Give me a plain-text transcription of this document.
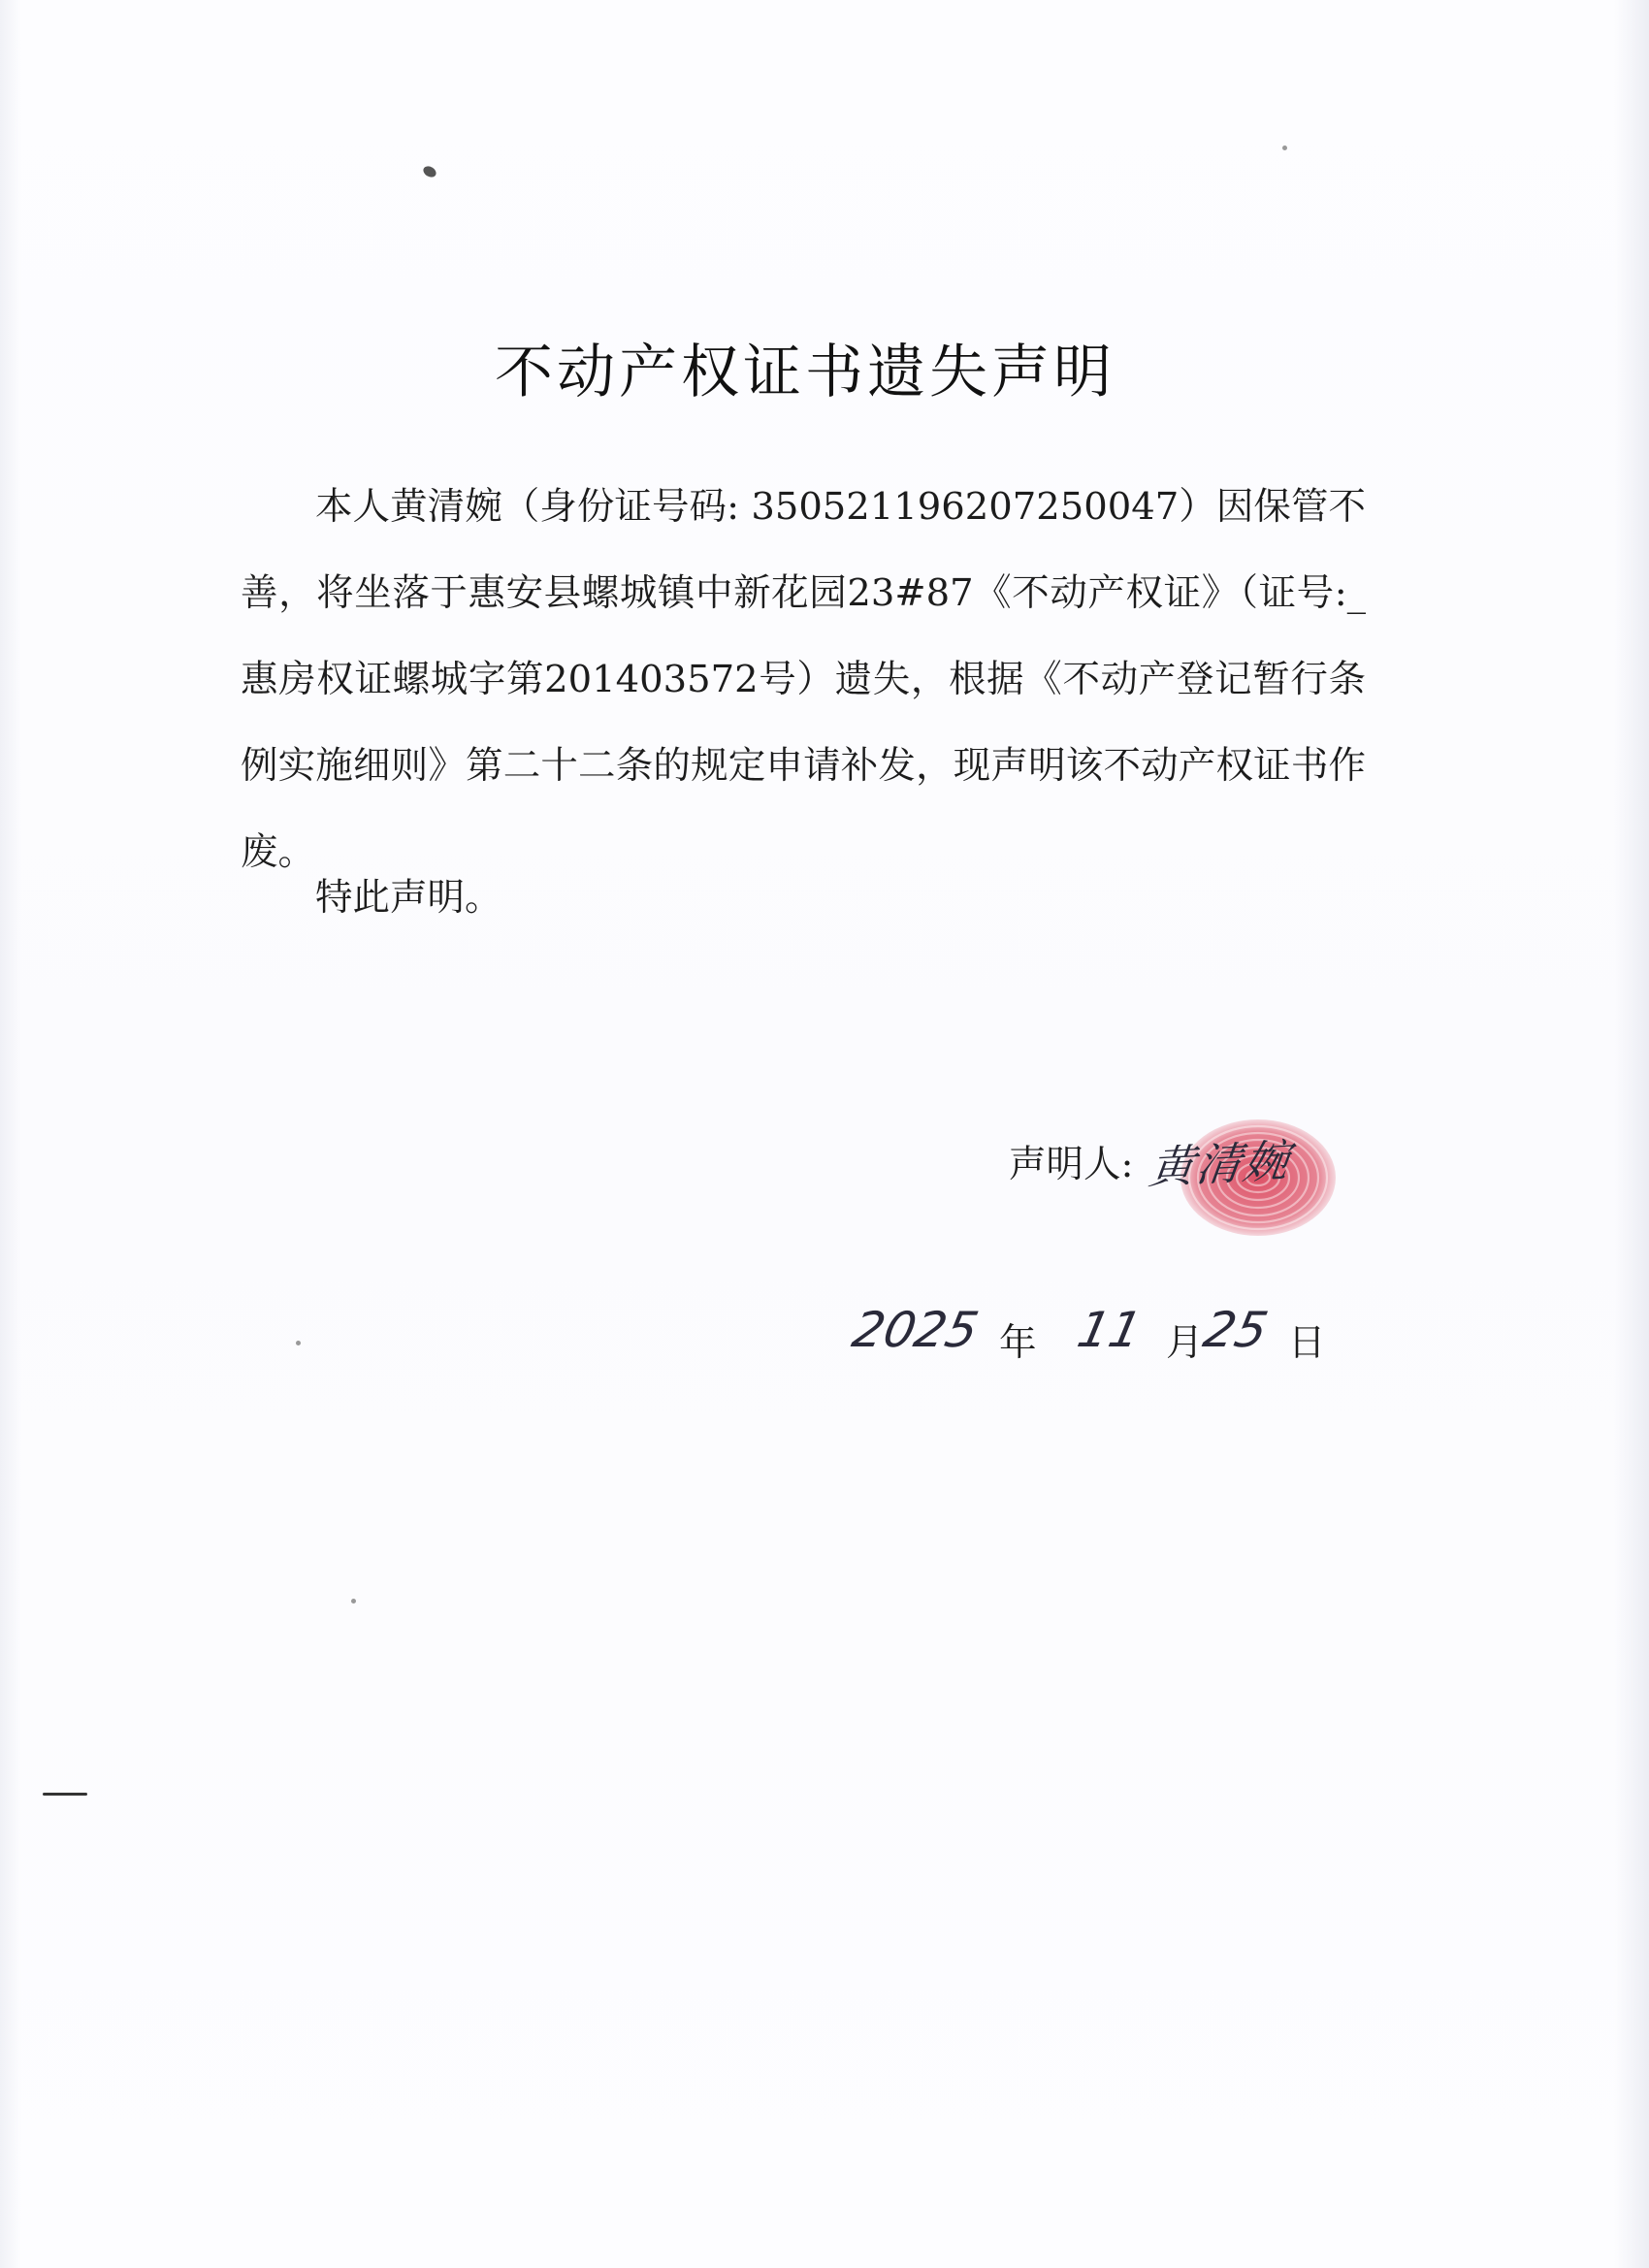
不动产权证书遗失声明

本人黄清婉（身份证号码: 350521196207250047）因保管不善，将坐落于惠安县螺城镇中新花园23#87《不动产权证》（证号:_惠房权证螺城字第201403572号）遗失，根据《不动产登记暂行条例实施细则》第二十二条的规定申请补发，现声明该不动产权证书作废。

特此声明。
声明人: 黄清婉
2025 年 11 月
25 日
